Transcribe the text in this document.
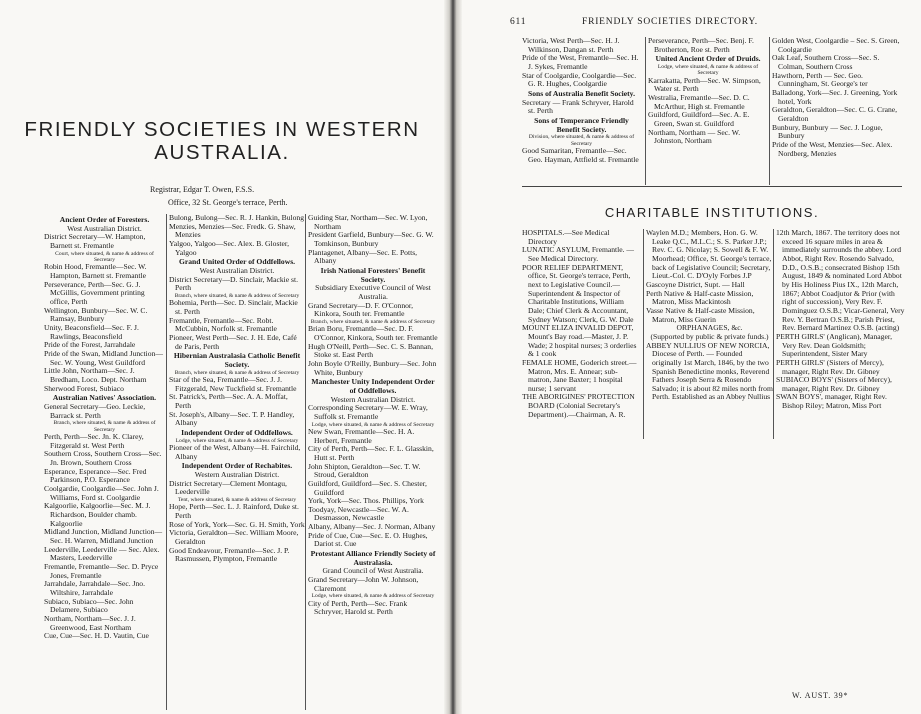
FRIENDLY SOCIETIES IN WESTERN
AUSTRALIA.
Registrar, Edgar T. Owen, F.S.S.
Office, 32 St. George's terrace, Perth.

Ancient Order of Foresters.

West Australian District.

District Secretary—W. Hampton, Barnett st. Fremantle

Court, where situated, & name & address of Secretary

Robin Hood, Fremantle—Sec. W. Hampton, Barnett st. Fremantle

Perseverance, Perth—Sec. G. J. McGillis, Government printing office, Perth

Wellington, Bunbury—Sec. W. C. Ramsay, Bunbury

Unity, Beaconsfield—Sec. F. J. Rawlings, Beaconsfield

Pride of the Forest, Jarrahdale

Pride of the Swan, Midland Junction—Sec. W. Young, West Guildford

Little John, Northam—Sec. J. Bredham, Loco. Dept. Northam

Sherwood Forest, Subiaco

Australian Natives' Association.

General Secretary—Geo. Leckie, Barrack st. Perth

Branch, where situated, & name & address of Secretary

Perth, Perth—Sec. Jn. K. Clarey, Fitzgerald st. West Perth

Southern Cross, Southern Cross—Sec. Jn. Brown, Southern Cross

Esperance, Esperance—Sec. Fred Parkinson, P.O. Esperance

Coolgardie, Coolgardie—Sec. John J. Williams, Ford st. Coolgardie

Kalgoorlie, Kalgoorlie—Sec. M. J. Richardson, Boulder chamb. Kalgoorlie

Midland Junction, Midland Junction—Sec. H. Warren, Midland Junction

Leederville, Leederville — Sec. Alex. Masters, Leederville

Fremantle, Fremantle—Sec. D. Pryce Jones, Fremantle

Jarrahdale, Jarrahdale—Sec. Jno. Wiltshire, Jarrahdale

Subiaco, Subiaco—Sec. John Delamere, Subiaco

Northam, Northam—Sec. J. J. Greenwood, East Northam

Cue, Cue—Sec. H. D. Vautin, Cue

Bulong, Bulong—Sec. R. J. Hankin, Bulong

Menzies, Menzies—Sec. Fredk. G. Shaw, Menzies

Yalgoo, Yalgoo—Sec. Alex. B. Gloster, Yalgoo

Grand United Order of Oddfellows.

West Australian District.

District Secretary—D. Sinclair, Mackie st. Perth

Branch, where situated, & name & address of Secretary

Bohemia, Perth—Sec. D. Sinclair, Mackie st. Perth

Fremantle, Fremantle—Sec. Robt. McCubbin, Norfolk st. Fremantle

Pioneer, West Perth—Sec. J. H. Ede, Café de Paris, Perth

Hibernian Australasia Catholic Benefit Society.

Branch, where situated, & name & address of Secretary

Star of the Sea, Fremantle—Sec. J. J. Fitzgerald, New Tuckfield st. Fremantle

St. Patrick's, Perth—Sec. A. A. Moffat, Perth

St. Joseph's, Albany—Sec. T. P. Handley, Albany

Independent Order of Oddfellows.

Lodge, where situated, & name & address of Secretary

Pioneer of the West, Albany—H. Fairchild, Albany

Independent Order of Rechabites.

Western Australian District.

District Secretary—Clement Montagu, Leederville

Tent, where situated, & name & address of Secretary

Hope, Perth—Sec. L. J. Rainford, Duke st. Perth

Rose of York, York—Sec. G. H. Smith, York

Victoria, Geraldton—Sec. William Moore, Geraldton

Good Endeavour, Fremantle—Sec. J. P. Rasmussen, Plympton, Fremantle

Guiding Star, Northam—Sec. W. Lyon, Northam

President Garfield, Bunbury—Sec. G. W. Tomkinson, Bunbury

Plantagenet, Albany—Sec. E. Potts, Albany

Irish National Foresters' Benefit Society.

Subsidiary Executive Council of West Australia.

Grand Secretary—D. F. O'Connor, Kinkora, South ter. Fremantle

Branch, where situated, & name & address of Secretary

Brian Boru, Fremantle—Sec. D. F. O'Connor, Kinkora, South ter. Fremantle

Hugh O'Neill, Perth—Sec. C. S. Bannan, Stoke st. East Perth

John Boyle O'Reilly, Bunbury—Sec. John White, Bunbury

Manchester Unity Independent Order of Oddfellows.

Western Australian District.

Corresponding Secretary—W. E. Wray, Suffolk st. Fremantle

Lodge, where situated, & name & address of Secretary

New Swan, Fremantle—Sec. H. A. Herbert, Fremantle

City of Perth, Perth—Sec. F. L. Glasskin, Hutt st. Perth

John Shipton, Geraldton—Sec. T. W. Stroud, Geraldton

Guildford, Guildford—Sec. S. Chester, Guildford

York, York—Sec. Thos. Phillips, York

Toodyay, Newcastle—Sec. W. A. Desmasson, Newcastle

Albany, Albany—Sec. J. Norman, Albany

Pride of Cue, Cue—Sec. E. O. Hughes, Dariot st. Cue

Protestant Alliance Friendly Society of Australasia.

Grand Council of West Australia.

Grand Secretary—John W. Johnson, Claremont

Lodge, where situated, & name & address of Secretary

City of Perth, Perth—Sec. Frank Schryver, Harold st. Perth

611	FRIENDLY SOCIETIES DIRECTORY.

Victoria, West Perth—Sec. H. J. Wilkinson, Dangan st. Perth

Pride of the West, Fremantle—Sec. H. J. Sykes, Fremantle

Star of Coolgardie, Coolgardie—Sec. G. R. Hughes, Coolgardie

Sons of Australia Benefit Society.

Secretary — Frank Schryver, Harold st. Perth

Sons of Temperance Friendly Benefit Society.

Division, where situated, & name & address of Secretary

Good Samaritan, Fremantle—Sec. Geo. Hayman, Attfield st. Fremantle

Perseverance, Perth—Sec. Benj. F. Brotherton, Roe st. Perth

United Ancient Order of Druids.

Lodge, where situated, & name & address of Secretary

Karrakatta, Perth—Sec. W. Simpson, Water st. Perth

Westralia, Fremantle—Sec. D. C. McArthur, High st. Fremantle

Guildford, Guildford—Sec. A. E. Green, Swan st. Guildford

Northam, Northam — Sec. W. Johnston, Northam

Golden West, Coolgardie – Sec. S. Green, Coolgardie

Oak Leaf, Southern Cross—Sec. S. Colman, Southern Cross

Hawthorn, Perth — Sec. Geo. Cunningham, St. George's ter

Balladong, York—Sec. J. Greening, York hotel, York

Geraldton, Geraldton—Sec. C. G. Crane, Geraldton

Bunbury, Bunbury — Sec. J. Logue, Bunbury

Pride of the West, Menzies—Sec. Alex. Nordberg, Menzies

CHARITABLE INSTITUTIONS.

HOSPITALS.—See Medical Directory

LUNATIC ASYLUM, Fremantle. — See Medical Directory.

POOR RELIEF DEPARTMENT, office, St. George's terrace, Perth, next to Legislative Council.—Superintendent & Inspector of Charitable Institutions, William Dale; Chief Clerk & Accountant, Sydney Watson; Clerk, G. W. Dale

MOUNT ELIZA INVALID DEPOT, Mount's Bay road.—Master, J. P. Wade; 2 hospital nurses; 3 orderlies & 1 cook

FEMALE HOME, Goderich street.—Matron, Mrs. E. Annear; sub-matron, Jane Baxter; 1 hospital nurse; 1 servant

THE ABORIGINES' PROTECTION BOARD (Colonial Secretary's Department).—Chairman, A. R.

Waylen M.D.; Members, Hon. G. W. Leake Q.C., M.L.C.; S. S. Parker J.P.; Rev. C. G. Nicolay; S. Sowell & F. W. Moorhead; Office, St. George's terrace, back of Legislative Council; Secretary, Lieut.-Col. C. D'Oyly Forbes J.P

Gascoyne District, Supt. — Hall

Perth Native & Half-caste Mission, Matron, Miss Mackintosh

Vasse Native & Half-caste Mission, Matron, Miss Guerin

ORPHANAGES, &c.

(Supported by public & private funds.)

ABBEY NULLIUS OF NEW NORCIA, Diocese of Perth. — Founded originally 1st March, 1846, by the two Spanish Benedictine monks, Reverend Fathers Joseph Serra & Rosendo Salvado; it is about 82 miles north from Perth. Established as an Abbey Nullius

12th March, 1867. The territory does not exceed 16 square miles in area & immediately surrounds the abbey. Lord Abbot, Right Rev. Rosendo Salvado, D.D., O.S.B.; consecrated Bishop 15th August, 1849 & nominated Lord Abbot by His Holiness Pius IX., 12th March, 1867; Abbot Coadjutor & Prior (with right of succession), Very Rev. F. Dominguez O.S.B.; Vicar-General, Very Rev. Y. Bertran O.S.B.; Parish Priest, Rev. Bernard Martinez O.S.B. (acting)

PERTH GIRLS' (Anglican), Manager, Very Rev. Dean Goldsmith; Superintendent, Sister Mary

PERTH GIRLS' (Sisters of Mercy), manager, Right Rev. Dr. Gibney

SUBIACO BOYS' (Sisters of Mercy), manager, Right Rev. Dr. Gibney

SWAN BOYS', manager, Right Rev. Bishop Riley; Matron, Miss Port

W. AUST. 39*
